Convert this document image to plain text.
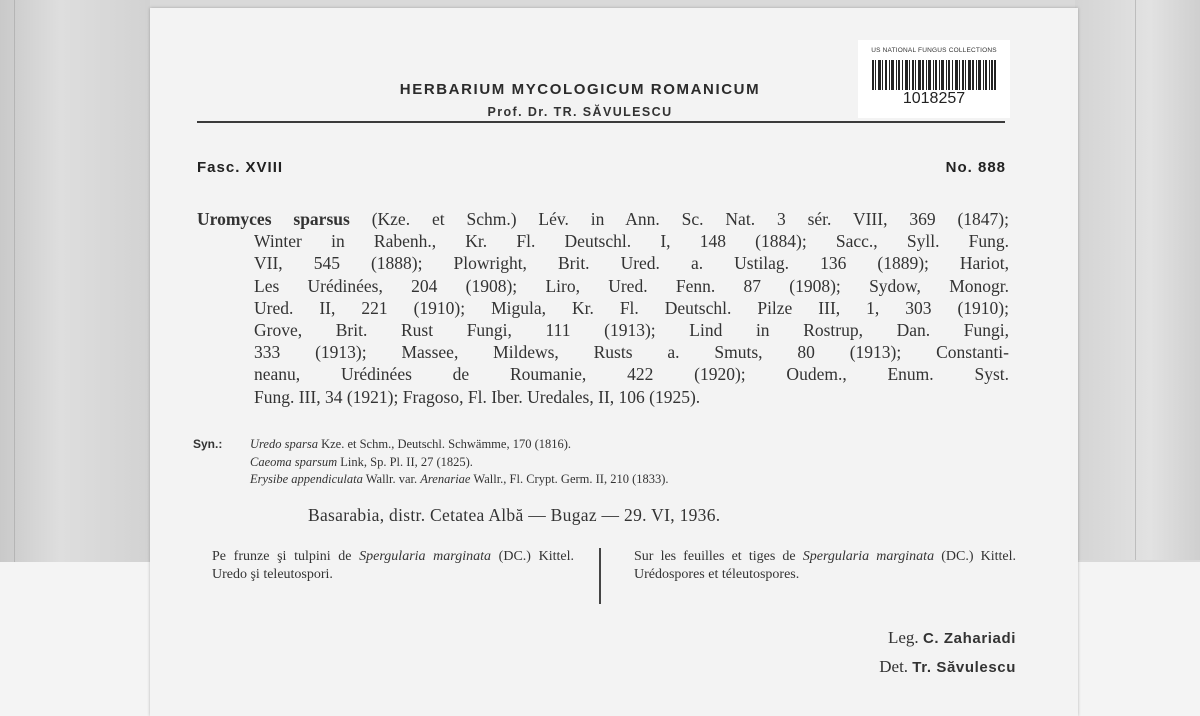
US NATIONAL FUNGUS COLLECTIONS
1018257
HERBARIUM MYCOLOGICUM ROMANICUM
Prof. Dr. TR. SĂVULESCU
Fasc. XVIII	No. 888
Uromyces sparsus (Kze. et Schm.) Lév. in Ann. Sc. Nat. 3 sér. VIII, 369 (1847);
Winter in Rabenh., Kr. Fl. Deutschl. I, 148 (1884); Sacc., Syll. Fung.
VII, 545 (1888); Plowright, Brit. Ured. a. Ustilag. 136 (1889); Hariot,
Les Urédinées, 204 (1908); Liro, Ured. Fenn. 87 (1908); Sydow, Monogr.
Ured. II, 221 (1910); Migula, Kr. Fl. Deutschl. Pilze III, 1, 303 (1910);
Grove, Brit. Rust Fungi, 111 (1913); Lind in Rostrup, Dan. Fungi,
333 (1913); Massee, Mildews, Rusts a. Smuts, 80 (1913); Constanti-
neanu, Urédinées de Roumanie, 422 (1920); Oudem., Enum. Syst.
Fung. III, 34 (1921); Fragoso, Fl. Iber. Uredales, II, 106 (1925).
Syn.: Uredo sparsa Kze. et Schm., Deutschl. Schwämme, 170 (1816).
Caeoma sparsum Link, Sp. Pl. II, 27 (1825).
Erysibe appendiculata Wallr. var. Arenariae Wallr., Fl. Crypt. Germ. II, 210 (1833).
Basarabia, distr. Cetatea Albă — Bugaz — 29. VI, 1936.
Pe frunze şi tulpini de Spergularia marginata (DC.) Kittel. Uredo şi teleutospori.
Sur les feuilles et tiges de Spergularia marginata (DC.) Kittel. Urédospores et téleutospores.
Leg. C. Zahariadi
Det. Tr. Săvulescu
